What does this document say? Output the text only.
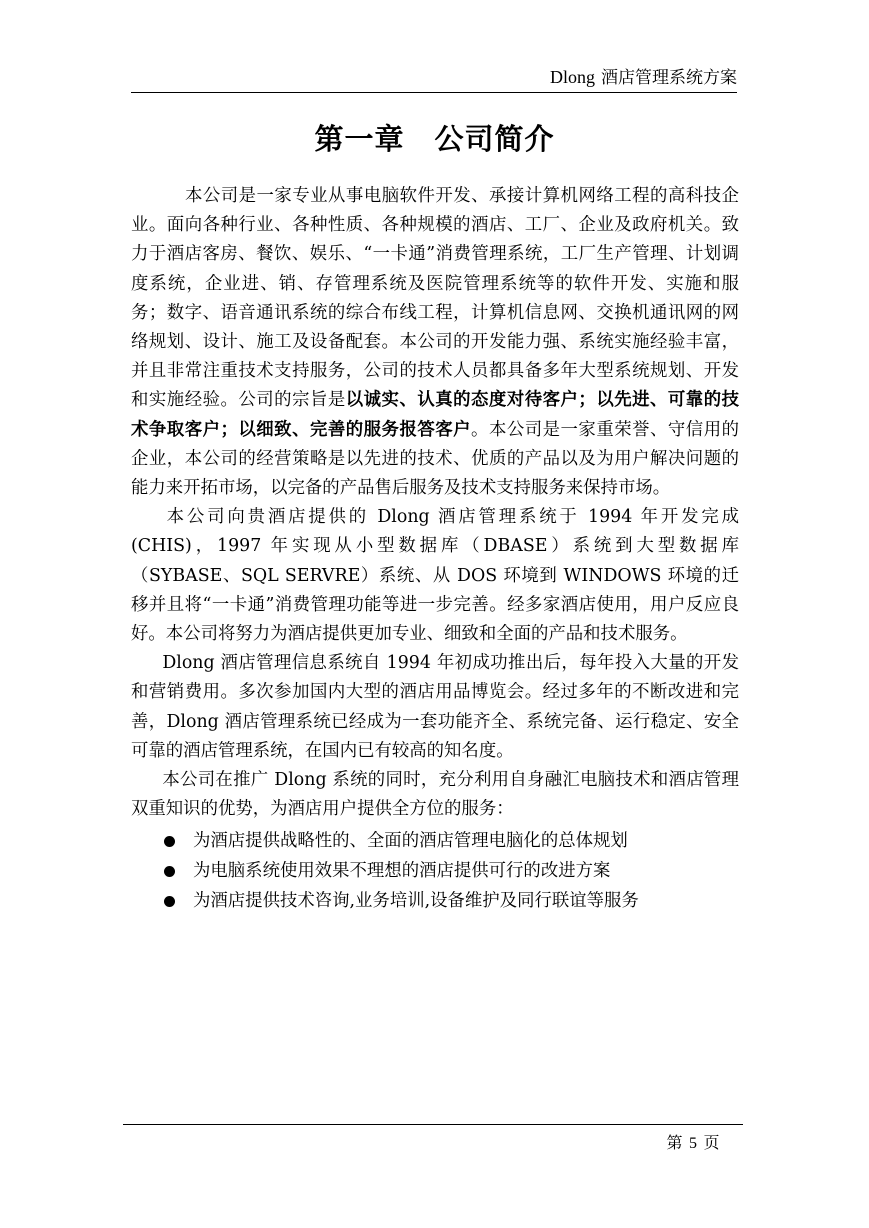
Dlong 酒店管理系统方案
第一章 公司简介

本公司是一家专业从事电脑软件开发、承接计算机网络工程的高科技企业。面向各种行业、各种性质、各种规模的酒店、工厂、企业及政府机关。致力于酒店客房、餐饮、娱乐、“一卡通”消费管理系统，工厂生产管理、计划调度系统，企业进、销、存管理系统及医院管理系统等的软件开发、实施和服务；数字、语音通讯系统的综合布线工程，计算机信息网、交换机通讯网的网络规划、设计、施工及设备配套。本公司的开发能力强、系统实施经验丰富，并且非常注重技术支持服务，公司的技术人员都具备多年大型系统规划、开发和实施经验。公司的宗旨是以诚实、认真的态度对待客户；以先进、可靠的技术争取客户；以细致、完善的服务报答客户。本公司是一家重荣誉、守信用的企业，本公司的经营策略是以先进的技术、优质的产品以及为用户解决问题的能力来开拓市场，以完备的产品售后服务及技术支持服务来保持市场。

本公司向贵酒店提供的 Dlong 酒店管理系统于 1994 年开发完成 (CHIS)，1997 年实现从小型数据库（DBASE）系统到大型数据库（SYBASE、SQL SERVRE）系统、从 DOS 环境到 WINDOWS 环境的迁移并且将“一卡通”消费管理功能等进一步完善。经多家酒店使用，用户反应良好。本公司将努力为酒店提供更加专业、细致和全面的产品和技术服务。

Dlong 酒店管理信息系统自 1994 年初成功推出后，每年投入大量的开发和营销费用。多次参加国内大型的酒店用品博览会。经过多年的不断改进和完善，Dlong 酒店管理系统已经成为一套功能齐全、系统完备、运行稳定、安全可靠的酒店管理系统，在国内已有较高的知名度。

本公司在推广 Dlong 系统的同时，充分利用自身融汇电脑技术和酒店管理双重知识的优势，为酒店用户提供全方位的服务：

为酒店提供战略性的、全面的酒店管理电脑化的总体规划
为电脑系统使用效果不理想的酒店提供可行的改进方案
为酒店提供技术咨询,业务培训,设备维护及同行联谊等服务
第 5 页
